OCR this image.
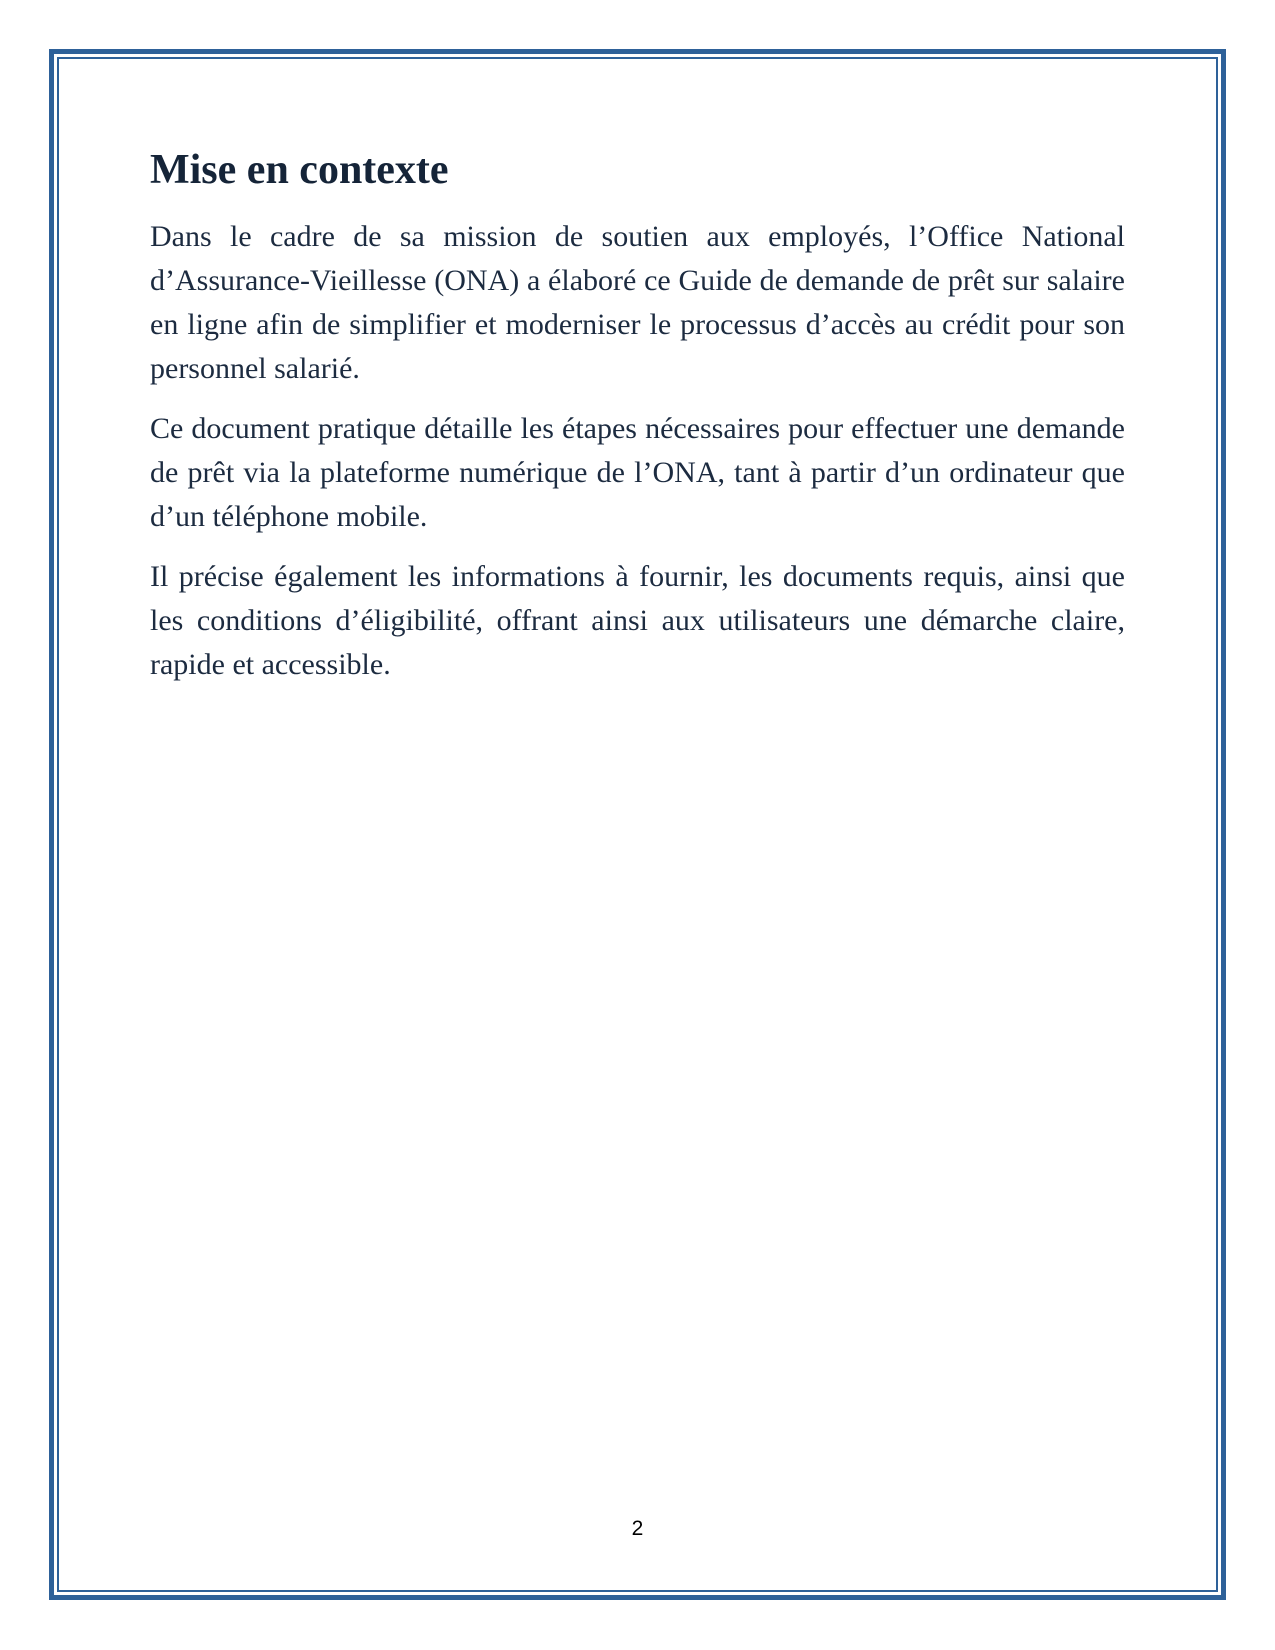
Mise en contexte

Dans le cadre de sa mission de soutien aux employés, l’Office National d’Assurance-Vieillesse (ONA) a élaboré ce Guide de demande de prêt sur salaire en ligne afin de simplifier et moderniser le processus d’accès au crédit pour son personnel salarié.

Ce document pratique détaille les étapes nécessaires pour effectuer une demande de prêt via la plateforme numérique de l’ONA, tant à partir d’un ordinateur que d’un téléphone mobile.

Il précise également les informations à fournir, les documents requis, ainsi que les conditions d’éligibilité, offrant ainsi aux utilisateurs une démarche claire, rapide et accessible.

2
